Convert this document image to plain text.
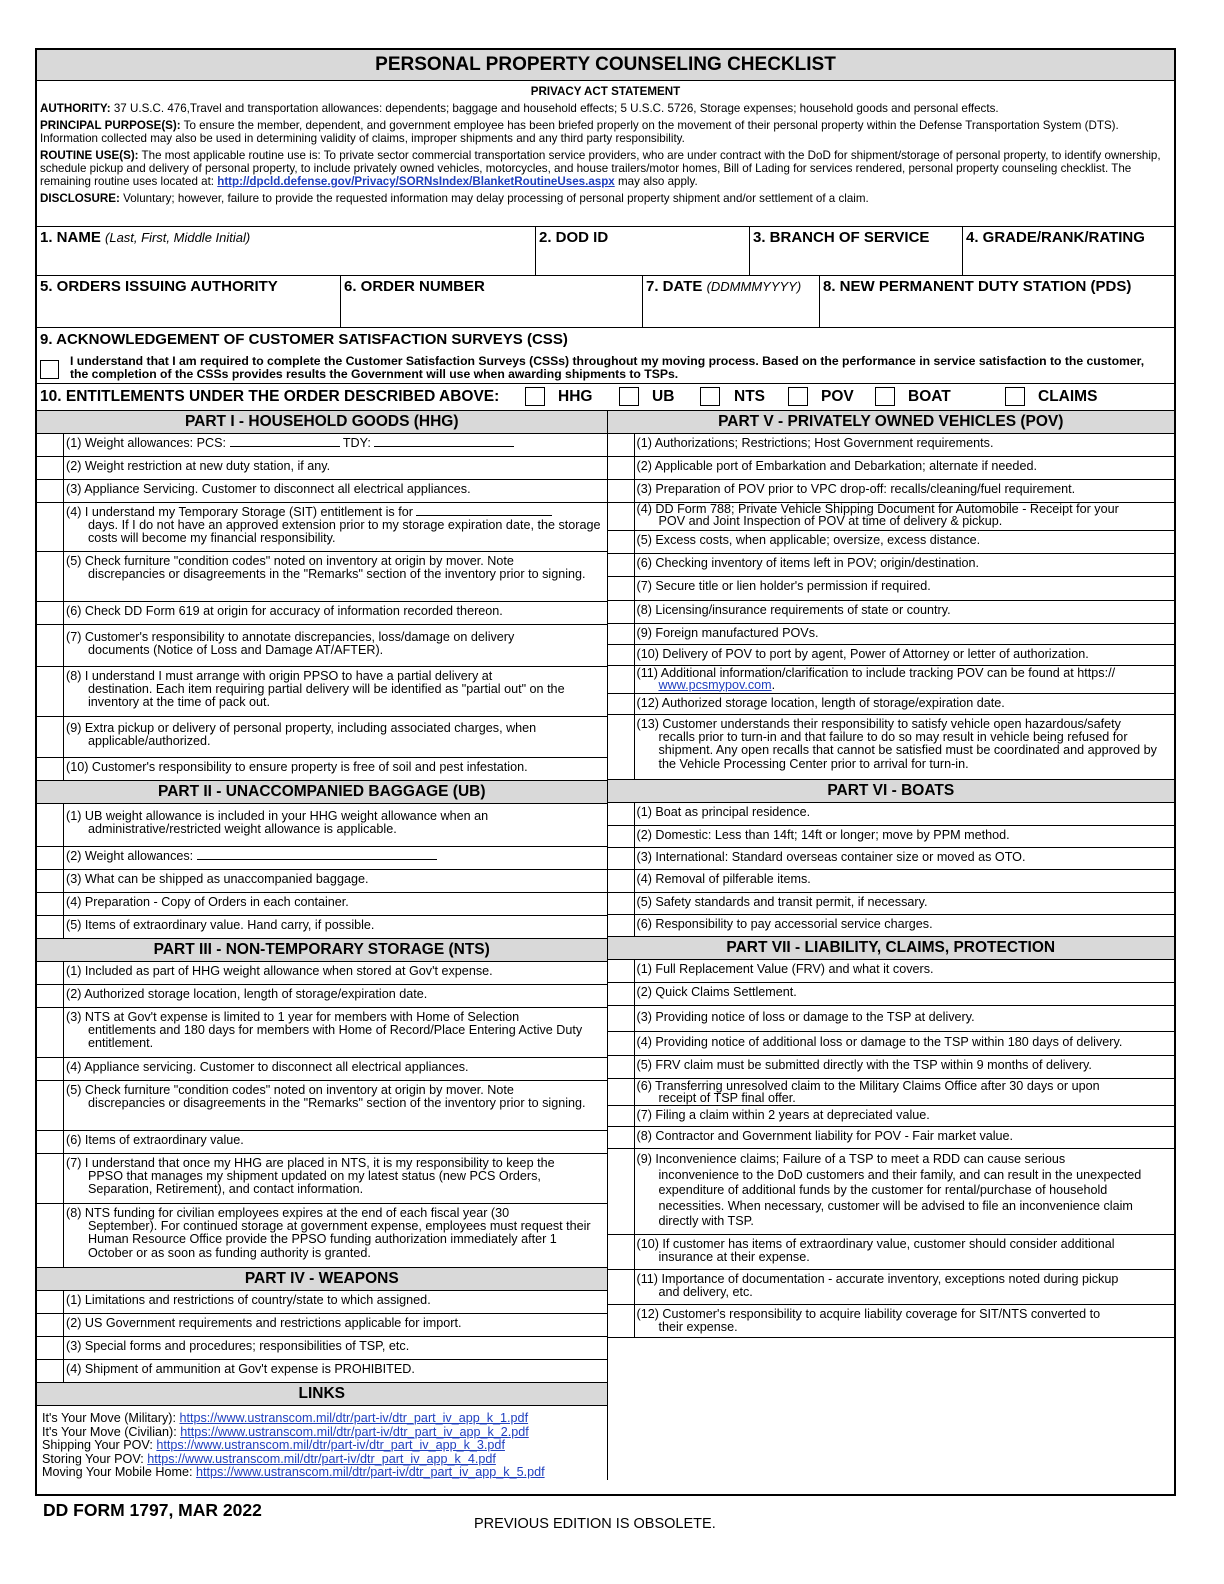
PERSONAL PROPERTY COUNSELING CHECKLIST
PRIVACY ACT STATEMENT

AUTHORITY: 37 U.S.C. 476,Travel and transportation allowances: dependents; baggage and household effects; 5 U.S.C. 5726, Storage expenses; household goods and personal effects.

PRINCIPAL PURPOSE(S): To ensure the member, dependent, and government employee has been briefed properly on the movement of their personal property within the Defense Transportation System (DTS). Information collected may also be used in determining validity of claims, improper shipments and any third party responsibility.

ROUTINE USE(S): The most applicable routine use is: To private sector commercial transportation service providers, who are under contract with the DoD for shipment/storage of personal property, to identify ownership, schedule pickup and delivery of personal property, to include privately owned vehicles, motorcycles, and house trailers/motor homes, Bill of Lading for services rendered, personal property counseling checklist. The remaining routine uses located at: http://dpcld.defense.gov/Privacy/SORNsIndex/BlanketRoutineUses.aspx may also apply.

DISCLOSURE: Voluntary; however, failure to provide the requested information may delay processing of personal property shipment and/or settlement of a claim.

1. NAME (Last, First, Middle Initial)	2. DOD ID	3. BRANCH OF SERVICE	4. GRADE/RANK/RATING
5. ORDERS ISSUING AUTHORITY	6. ORDER NUMBER	7. DATE (DDMMMYYYY)	8. NEW PERMANENT DUTY STATION (PDS)
9. ACKNOWLEDGEMENT OF CUSTOMER SATISFACTION SURVEYS (CSS)
I understand that I am required to complete the Customer Satisfaction Surveys (CSSs) throughout my moving process. Based on the performance in service satisfaction to the customer, the completion of the CSSs provides results the Government will use when awarding shipments to TSPs.
10. ENTITLEMENTS UNDER THE ORDER DESCRIBED ABOVE:	HHG	UB	NTS	POV	BOAT	CLAIMS
PART I - HOUSEHOLD GOODS (HHG)
(1) Weight allowances: PCS:	TDY:
(2) Weight restriction at new duty station, if any.
(3) Appliance Servicing. Customer to disconnect all electrical appliances.
(4) I understand my Temporary Storage (SIT) entitlement is for
days. If I do not have an approved extension prior to my storage expiration date, the storage costs will become my financial responsibility.
(5) Check furniture "condition codes" noted on inventory at origin by mover. Note
discrepancies or disagreements in the "Remarks" section of the inventory prior to signing.
(6) Check DD Form 619 at origin for accuracy of information recorded thereon.
(7) Customer's responsibility to annotate discrepancies, loss/damage on delivery
documents (Notice of Loss and Damage AT/AFTER).
(8) I understand I must arrange with origin PPSO to have a partial delivery at
destination. Each item requiring partial delivery will be identified as "partial out" on the inventory at the time of pack out.
(9) Extra pickup or delivery of personal property, including associated charges, when
applicable/authorized.
(10) Customer's responsibility to ensure property is free of soil and pest infestation.
PART II - UNACCOMPANIED BAGGAGE (UB)
(1) UB weight allowance is included in your HHG weight allowance when an
administrative/restricted weight allowance is applicable.
(2) Weight allowances:
(3) What can be shipped as unaccompanied baggage.
(4) Preparation - Copy of Orders in each container.
(5) Items of extraordinary value. Hand carry, if possible.
PART III - NON-TEMPORARY STORAGE (NTS)
(1) Included as part of HHG weight allowance when stored at Gov't expense.
(2) Authorized storage location, length of storage/expiration date.
(3) NTS at Gov't expense is limited to 1 year for members with Home of Selection
entitlements and 180 days for members with Home of Record/Place Entering Active Duty entitlement.
(4) Appliance servicing. Customer to disconnect all electrical appliances.
(5) Check furniture "condition codes" noted on inventory at origin by mover. Note
discrepancies or disagreements in the "Remarks" section of the inventory prior to signing.
(6) Items of extraordinary value.
(7) I understand that once my HHG are placed in NTS, it is my responsibility to keep the
PPSO that manages my shipment updated on my latest status (new PCS Orders, Separation, Retirement), and contact information.
(8) NTS funding for civilian employees expires at the end of each fiscal year (30
September). For continued storage at government expense, employees must request their Human Resource Office provide the PPSO funding authorization immediately after 1 October or as soon as funding authority is granted.
PART IV - WEAPONS
(1) Limitations and restrictions of country/state to which assigned.
(2) US Government requirements and restrictions applicable for import.
(3) Special forms and procedures; responsibilities of TSP, etc.
(4) Shipment of ammunition at Gov't expense is PROHIBITED.
LINKS
It's Your Move (Military): https://www.ustranscom.mil/dtr/part-iv/dtr_part_iv_app_k_1.pdf
It's Your Move (Civilian): https://www.ustranscom.mil/dtr/part-iv/dtr_part_iv_app_k_2.pdf
Shipping Your POV: https://www.ustranscom.mil/dtr/part-iv/dtr_part_iv_app_k_3.pdf
Storing Your POV: https://www.ustranscom.mil/dtr/part-iv/dtr_part_iv_app_k_4.pdf
Moving Your Mobile Home: https://www.ustranscom.mil/dtr/part-iv/dtr_part_iv_app_k_5.pdf
PART V - PRIVATELY OWNED VEHICLES (POV)
(1) Authorizations; Restrictions; Host Government requirements.
(2) Applicable port of Embarkation and Debarkation; alternate if needed.
(3) Preparation of POV prior to VPC drop-off: recalls/cleaning/fuel requirement.
(4) DD Form 788; Private Vehicle Shipping Document for Automobile - Receipt for your
POV and Joint Inspection of POV at time of delivery & pickup.
(5) Excess costs, when applicable; oversize, excess distance.
(6) Checking inventory of items left in POV; origin/destination.
(7) Secure title or lien holder's permission if required.
(8) Licensing/insurance requirements of state or country.
(9) Foreign manufactured POVs.
(10) Delivery of POV to port by agent, Power of Attorney or letter of authorization.
(11) Additional information/clarification to include tracking POV can be found at https://
www.pcsmypov.com.
(12) Authorized storage location, length of storage/expiration date.
(13) Customer understands their responsibility to satisfy vehicle open hazardous/safety
recalls prior to turn-in and that failure to do so may result in vehicle being refused for shipment. Any open recalls that cannot be satisfied must be coordinated and approved by the Vehicle Processing Center prior to arrival for turn-in.
PART VI - BOATS
(1) Boat as principal residence.
(2) Domestic: Less than 14ft; 14ft or longer; move by PPM method.
(3) International: Standard overseas container size or moved as OTO.
(4) Removal of pilferable items.
(5) Safety standards and transit permit, if necessary.
(6) Responsibility to pay accessorial service charges.
PART VII - LIABILITY, CLAIMS, PROTECTION
(1) Full Replacement Value (FRV) and what it covers.
(2) Quick Claims Settlement.
(3) Providing notice of loss or damage to the TSP at delivery.
(4) Providing notice of additional loss or damage to the TSP within 180 days of delivery.
(5) FRV claim must be submitted directly with the TSP within 9 months of delivery.
(6) Transferring unresolved claim to the Military Claims Office after 30 days or upon
receipt of TSP final offer.
(7) Filing a claim within 2 years at depreciated value.
(8) Contractor and Government liability for POV - Fair market value.
(9) Inconvenience claims; Failure of a TSP to meet a RDD can cause serious
inconvenience to the DoD customers and their family, and can result in the unexpected expenditure of additional funds by the customer for rental/purchase of household necessities. When necessary, customer will be advised to file an inconvenience claim directly with TSP.
(10) If customer has items of extraordinary value, customer should consider additional
insurance at their expense.
(11) Importance of documentation - accurate inventory, exceptions noted during pickup
and delivery, etc.
(12) Customer's responsibility to acquire liability coverage for SIT/NTS converted to
their expense.
DD FORM 1797, MAR 2022
PREVIOUS EDITION IS OBSOLETE.
